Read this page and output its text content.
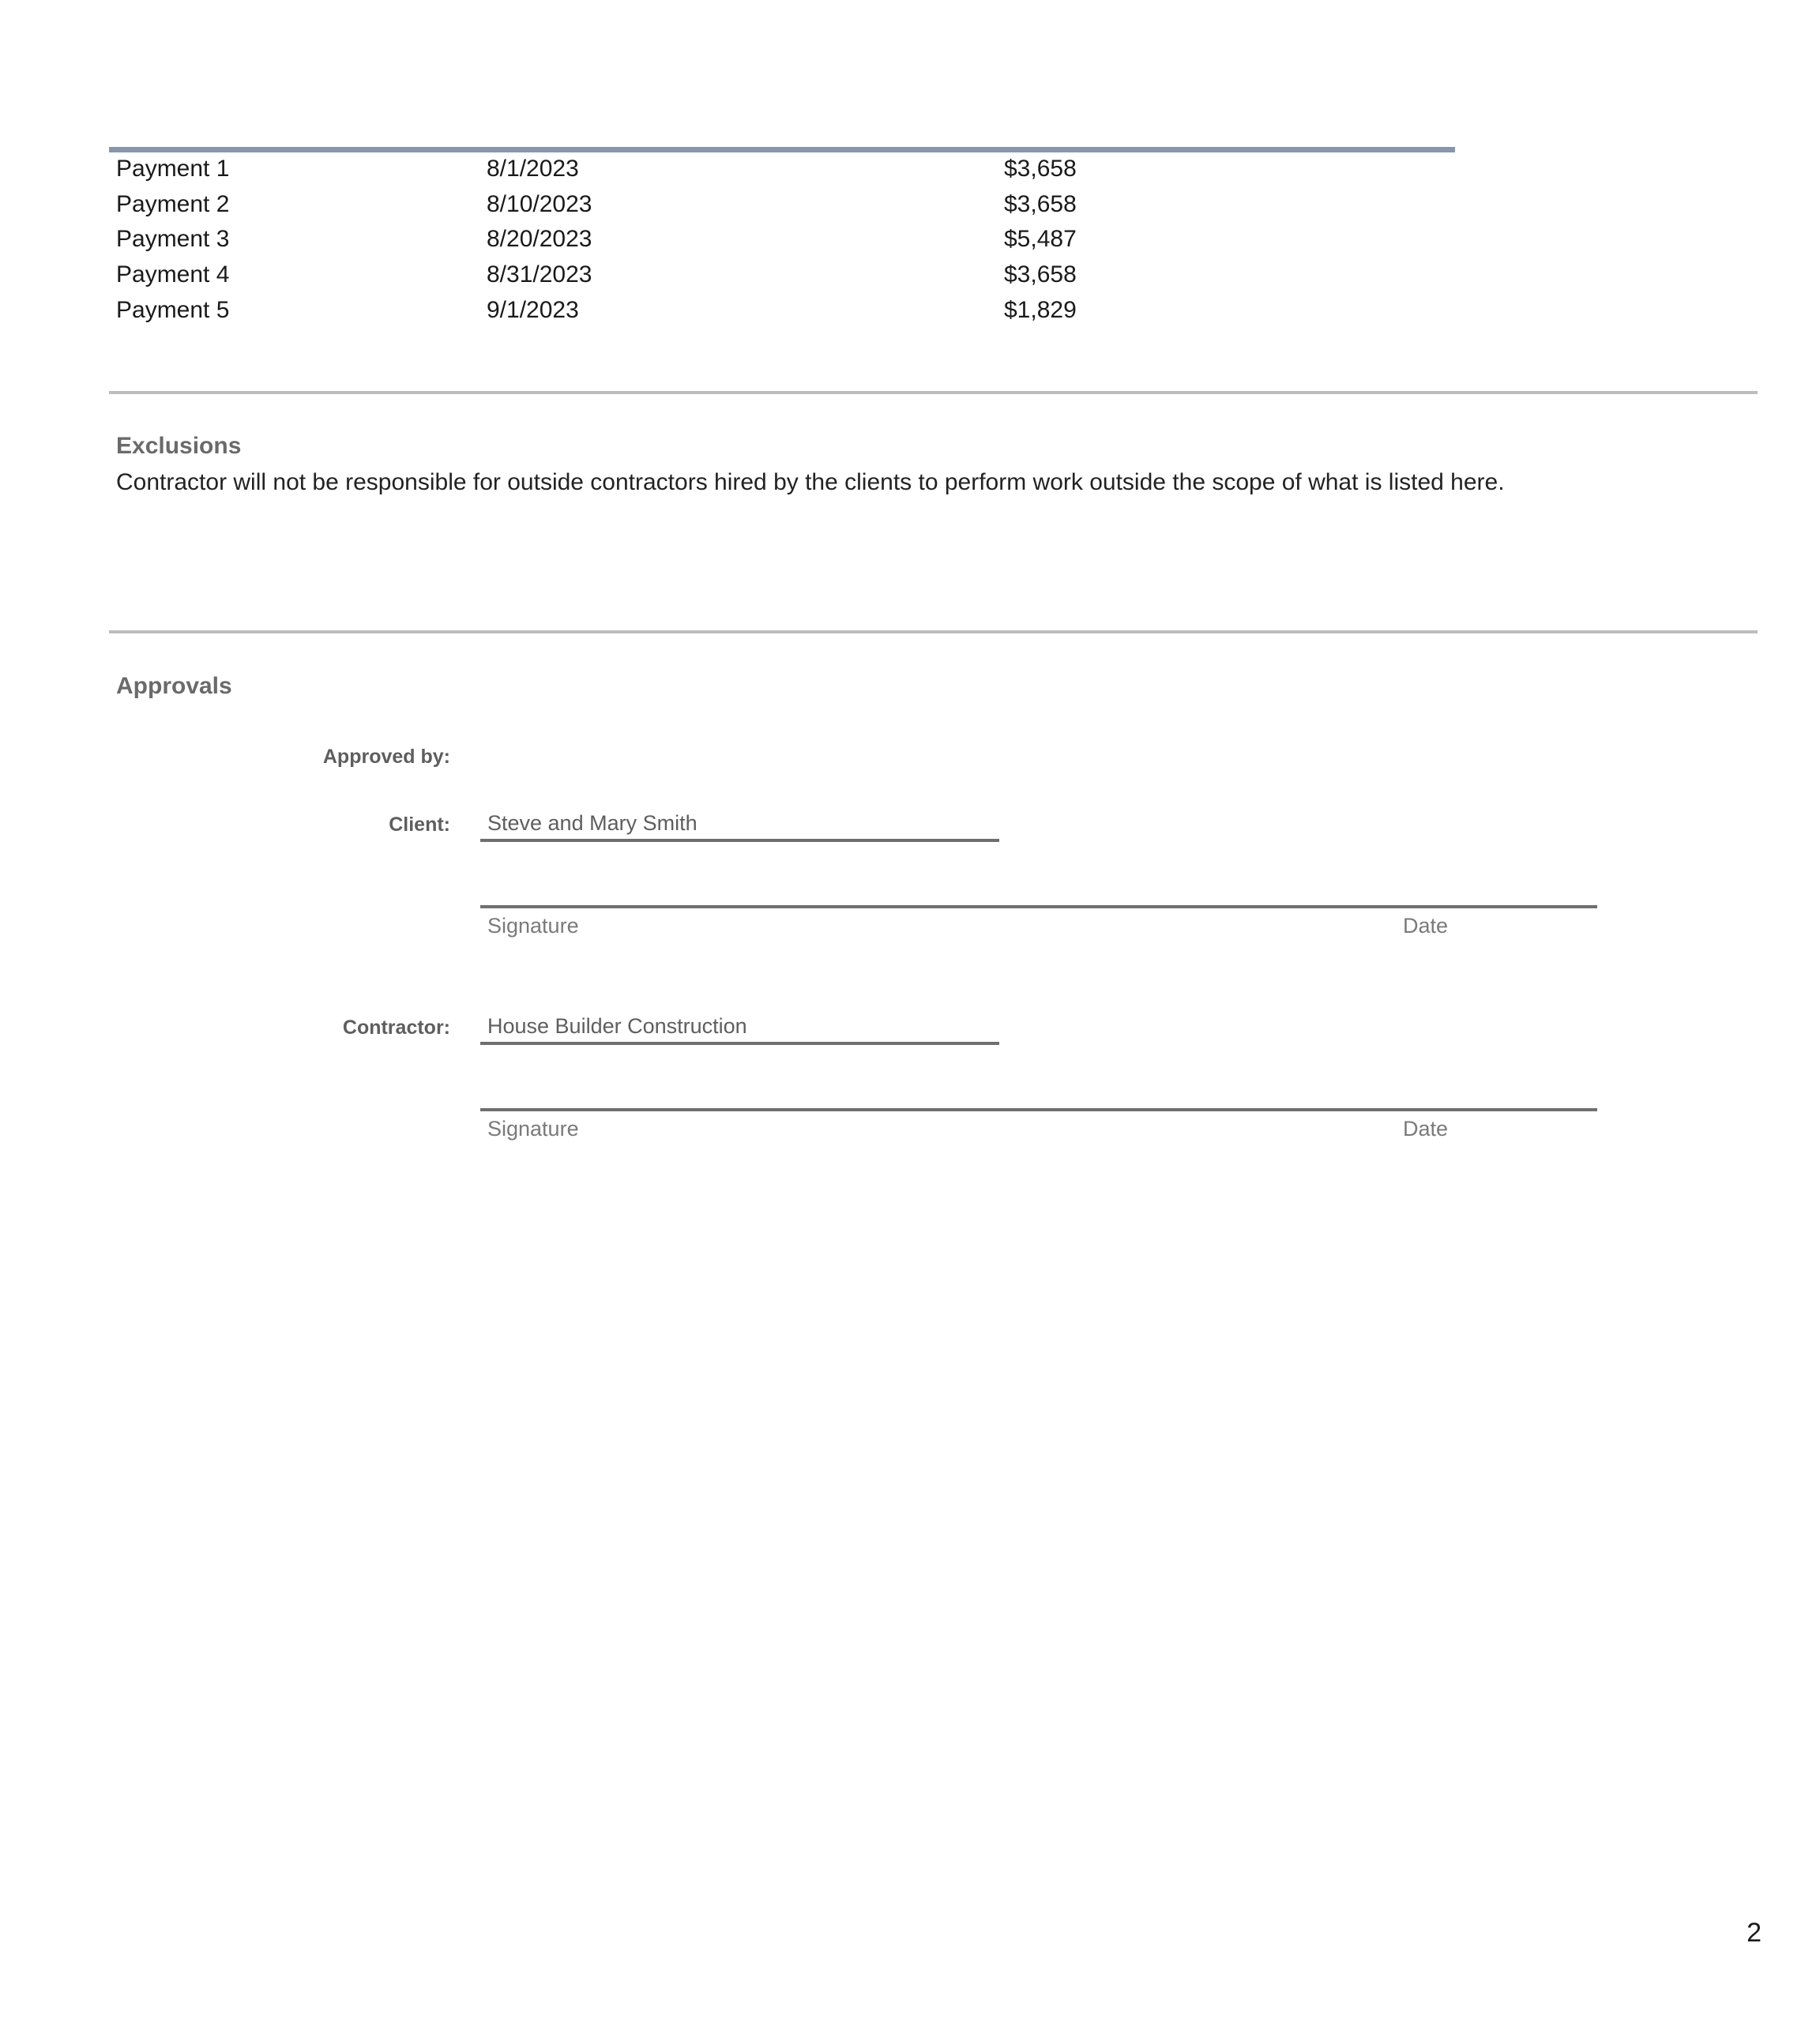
Payment 1	8/1/2023	$3,658
Payment 2	8/10/2023	$3,658
Payment 3	8/20/2023	$5,487
Payment 4	8/31/2023	$3,658
Payment 5	9/1/2023	$1,829
Exclusions
Contractor will not be responsible for outside contractors hired by the clients to perform work outside the scope of what is listed here.
Approvals
Approved by:
Client: Steve and Mary Smith
Signature	Date
Contractor: House Builder Construction
Signature	Date
2
